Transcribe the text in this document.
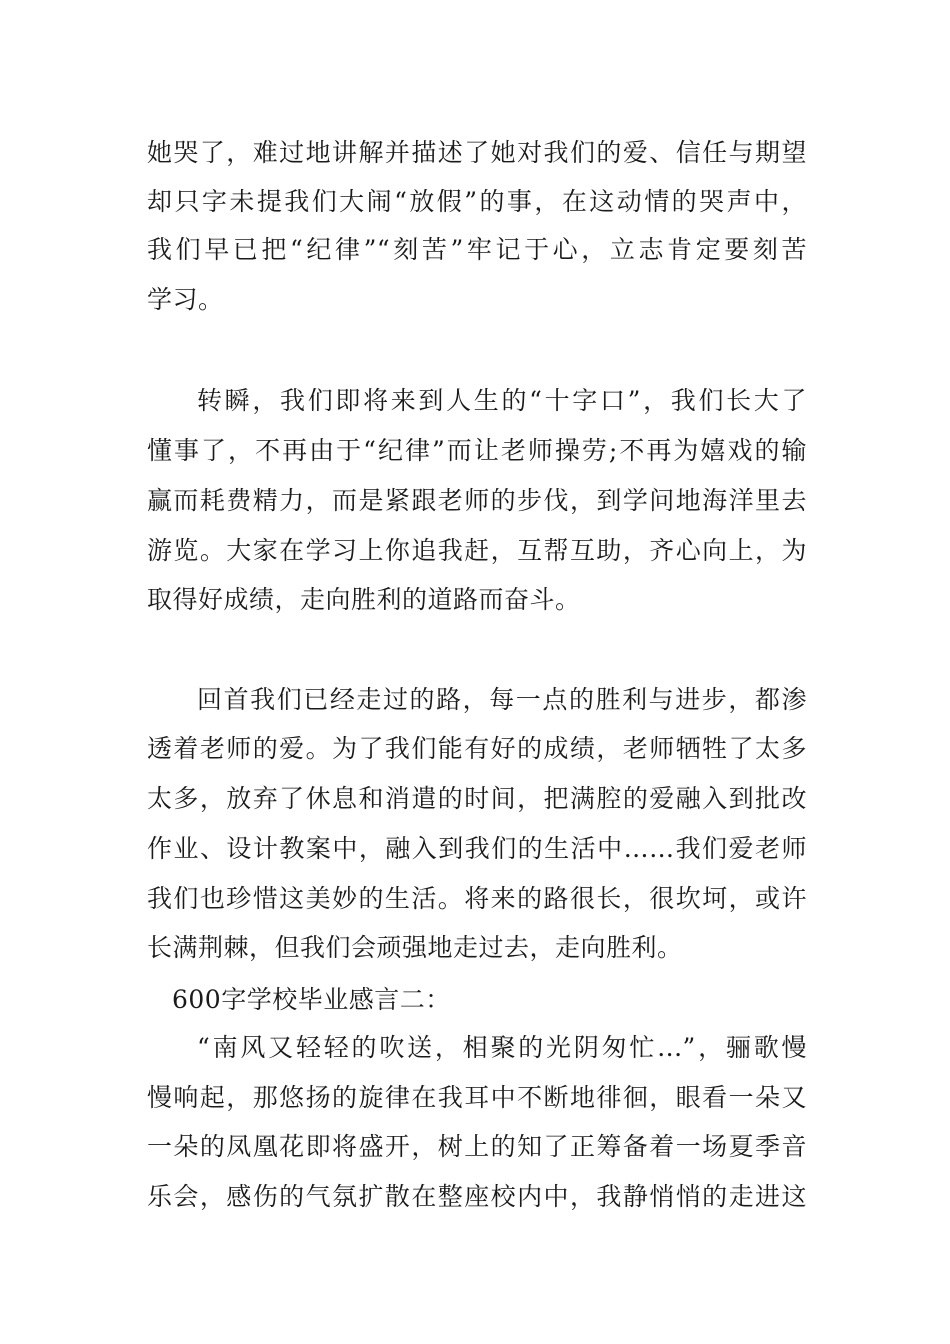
她哭了，难过地讲解并描述了她对我们的爱、信任与期望
却只字未提我们大闹“放假”的事，在这动情的哭声中，
我们早已把“纪律”“刻苦”牢记于心，立志肯定要刻苦
学习。
转瞬，我们即将来到人生的“十字口”，我们长大了
懂事了，不再由于“纪律”而让老师操劳;不再为嬉戏的输
赢而耗费精力，而是紧跟老师的步伐，到学问地海洋里去
游览。大家在学习上你追我赶，互帮互助，齐心向上，为
取得好成绩，走向胜利的道路而奋斗。
回首我们已经走过的路，每一点的胜利与进步，都渗
透着老师的爱。为了我们能有好的成绩，老师牺牲了太多
太多，放弃了休息和消遣的时间，把满腔的爱融入到批改
作业、设计教案中，融入到我们的生活中……我们爱老师
我们也珍惜这美妙的生活。将来的路很长，很坎坷，或许
长满荆棘，但我们会顽强地走过去，走向胜利。
600字学校毕业感言二：
“南风又轻轻的吹送，相聚的光阴匆忙...”，骊歌慢
慢响起，那悠扬的旋律在我耳中不断地徘徊，眼看一朵又
一朵的凤凰花即将盛开，树上的知了正筹备着一场夏季音
乐会，感伤的气氛扩散在整座校内中，我静悄悄的走进这
